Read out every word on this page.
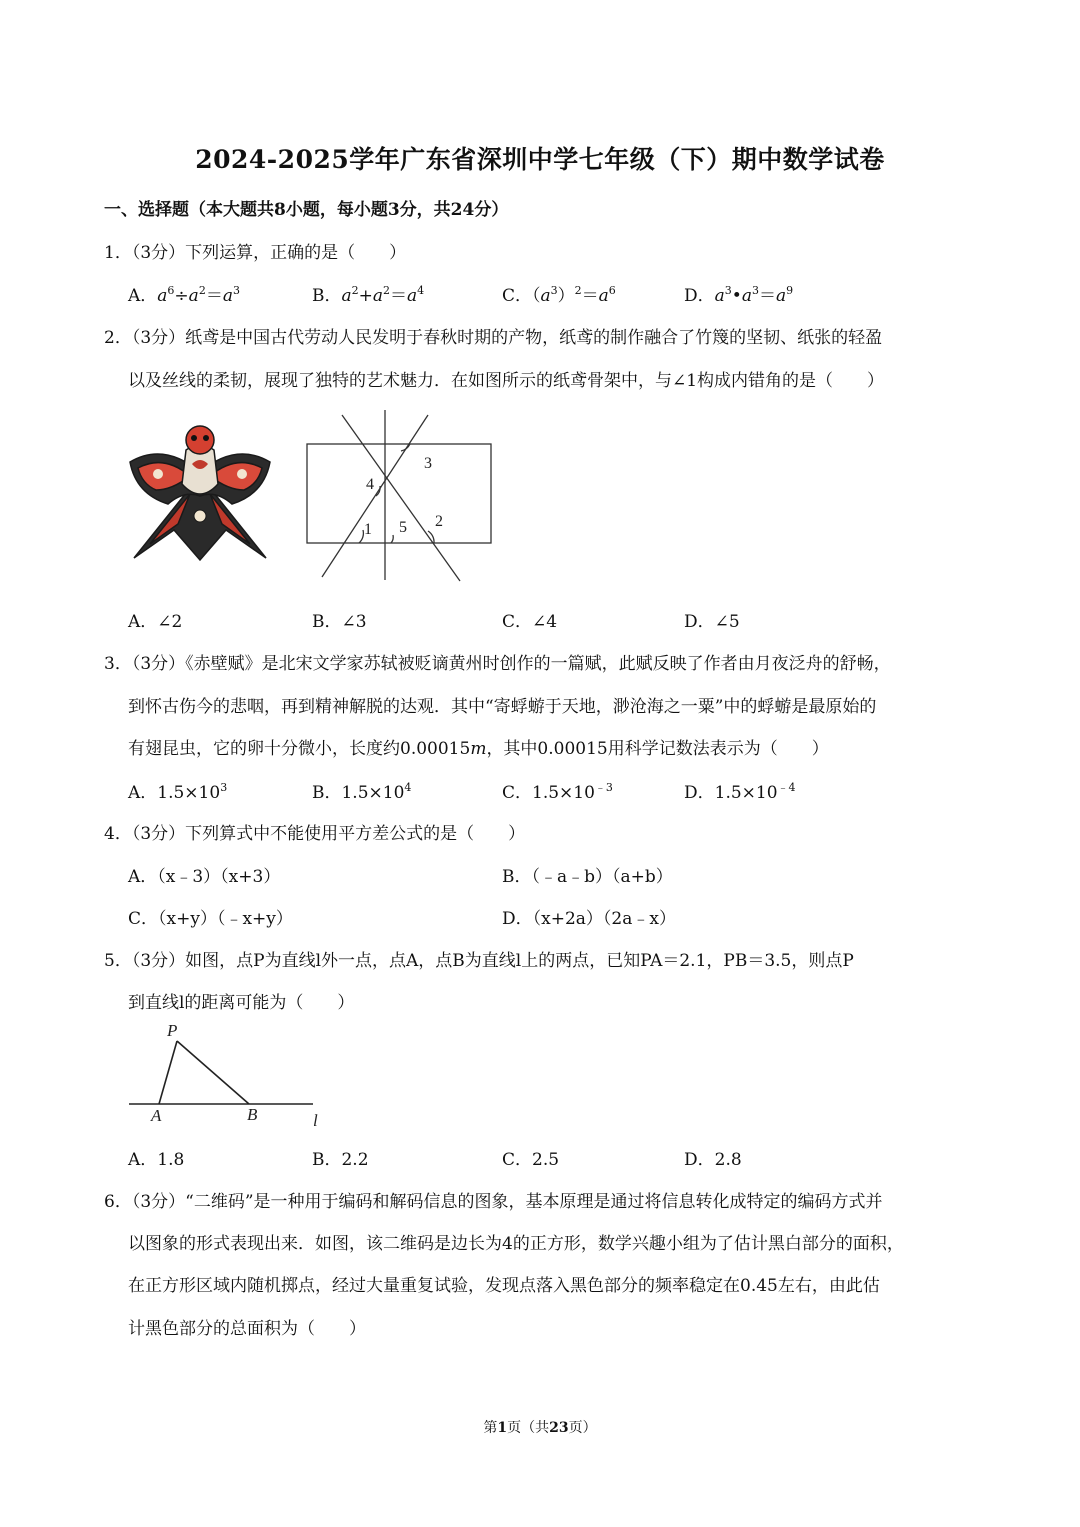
2024-2025学年广东省深圳中学七年级（下）期中数学试卷
一、选择题（本大题共8小题，每小题3分，共24分）
1．（3分）下列运算，正确的是（　　）
A．$a^6\div a^2=a^3$	B．$a^2+a^2=a^4$	C．$(a^3)^2=a^6$	D．$a^3•a^3=a^9$
2．（3分）纸鸢是中国古代劳动人民发明于春秋时期的产物，纸鸢的制作融合了竹篾的坚韧、纸张的轻盈
以及丝线的柔韧，展现了独特的艺术魅力．在如图所示的纸鸢骨架中，与∠1构成内错角的是（　　）
1	2
3
4
5
A．∠2	B．∠3	C．∠4	D．∠5
3．（3分）《赤壁赋》是北宋文学家苏轼被贬谪黄州时创作的一篇赋，此赋反映了作者由月夜泛舟的舒畅，
到怀古伤今的悲咽，再到精神解脱的达观．其中“寄蜉蝣于天地，渺沧海之一粟”中的蜉蝣是最原始的
有翅昆虫，它的卵十分微小，长度约0.00015m，其中0.00015用科学记数法表示为（　　）
A．$1.5\times 10^3$	B．$1.5\times 10^4$	C．$1.5\times 10^{﹣3}$	D．$1.5\times 10^{﹣4}$
4．（3分）下列算式中不能使用平方差公式的是（　　）
A．（x﹣3）（x+3）	B．（﹣a﹣b）（a+b）
C．（x+y）（﹣x+y）	D．（x+2a）（2a﹣x）
5．（3分）如图，点P为直线l外一点，点A，点B为直线l上的两点，已知PA＝2.1，PB＝3.5，则点P
到直线l的距离可能为（　　）
P
A	B	l
A．1.8	B．2.2	C．2.5	D．2.8
6．（3分）“二维码”是一种用于编码和解码信息的图象，基本原理是通过将信息转化成特定的编码方式并
以图象的形式表现出来．如图，该二维码是边长为4的正方形，数学兴趣小组为了估计黑白部分的面积，
在正方形区域内随机掷点，经过大量重复试验，发现点落入黑色部分的频率稳定在0.45左右，由此估
计黑色部分的总面积为（　　）
第1页（共23页）
